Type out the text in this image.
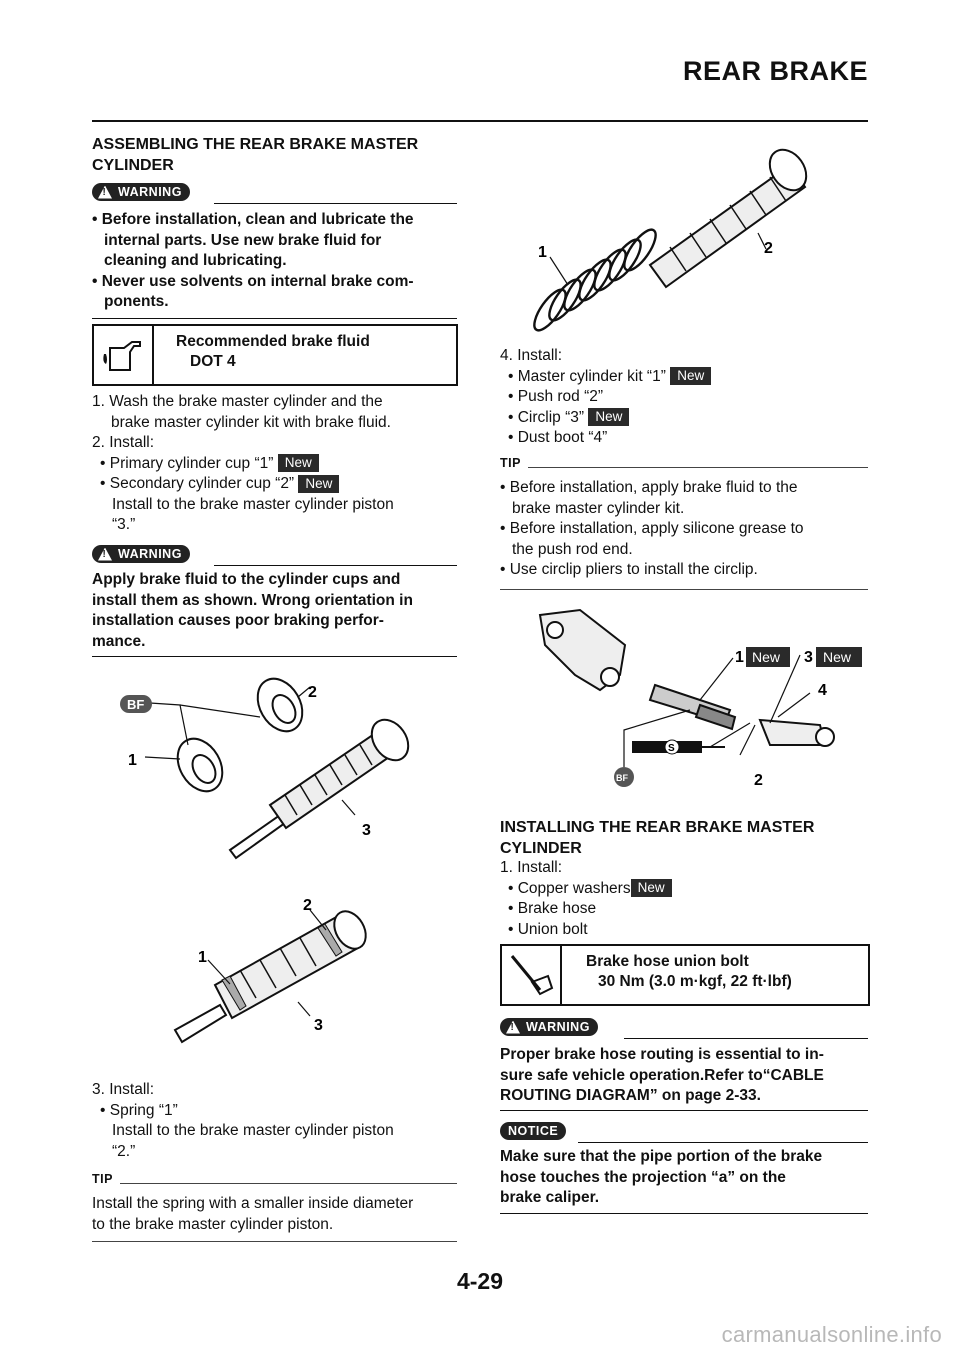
REAR BRAKE
ASSEMBLING THE REAR BRAKE MASTER CYLINDER
!
WARNING
• Before installation, clean and lubricate the
internal parts. Use new brake fluid for
cleaning and lubricating.
• Never use solvents on internal brake com-
ponents.
Recommended brake fluid
DOT 4
1. Wash the brake master cylinder and the
brake master cylinder kit with brake fluid.
2. Install:
• Primary cylinder cup “1” New
• Secondary cylinder cup “2” New
Install to the brake master cylinder piston
“3.”
!
WARNING
Apply brake fluid to the cylinder cups and
install them as shown. Wrong orientation in
installation causes poor braking perfor-
mance.
BF
1
2
3
1
2
3
3. Install:
• Spring “1”
Install to the brake master cylinder piston
“2.”
TIP
Install the spring with a smaller inside diameter
to the brake master cylinder piston.
1	2
4. Install:
• Master cylinder kit “1” New
• Push rod “2”
• Circlip “3” New
• Dust boot “4”
TIP
• Before installation, apply brake fluid to the
brake master cylinder kit.
• Before installation, apply silicone grease to
the push rod end.
• Use circlip pliers to install the circlip.
S
BF
1 New 3 New
4
2
INSTALLING THE REAR BRAKE MASTER CYLINDER
1. Install:
• Copper washers New
• Brake hose
• Union bolt
Brake hose union bolt
30 Nm (3.0 m·kgf, 22 ft·lbf)
!
WARNING
Proper brake hose routing is essential to in-
sure safe vehicle operation.Refer to“CABLE
ROUTING DIAGRAM” on page 2-33.
NOTICE
Make sure that the pipe portion of the brake
hose touches the projection “a” on the
brake caliper.
4-29
carmanualsonline.info
